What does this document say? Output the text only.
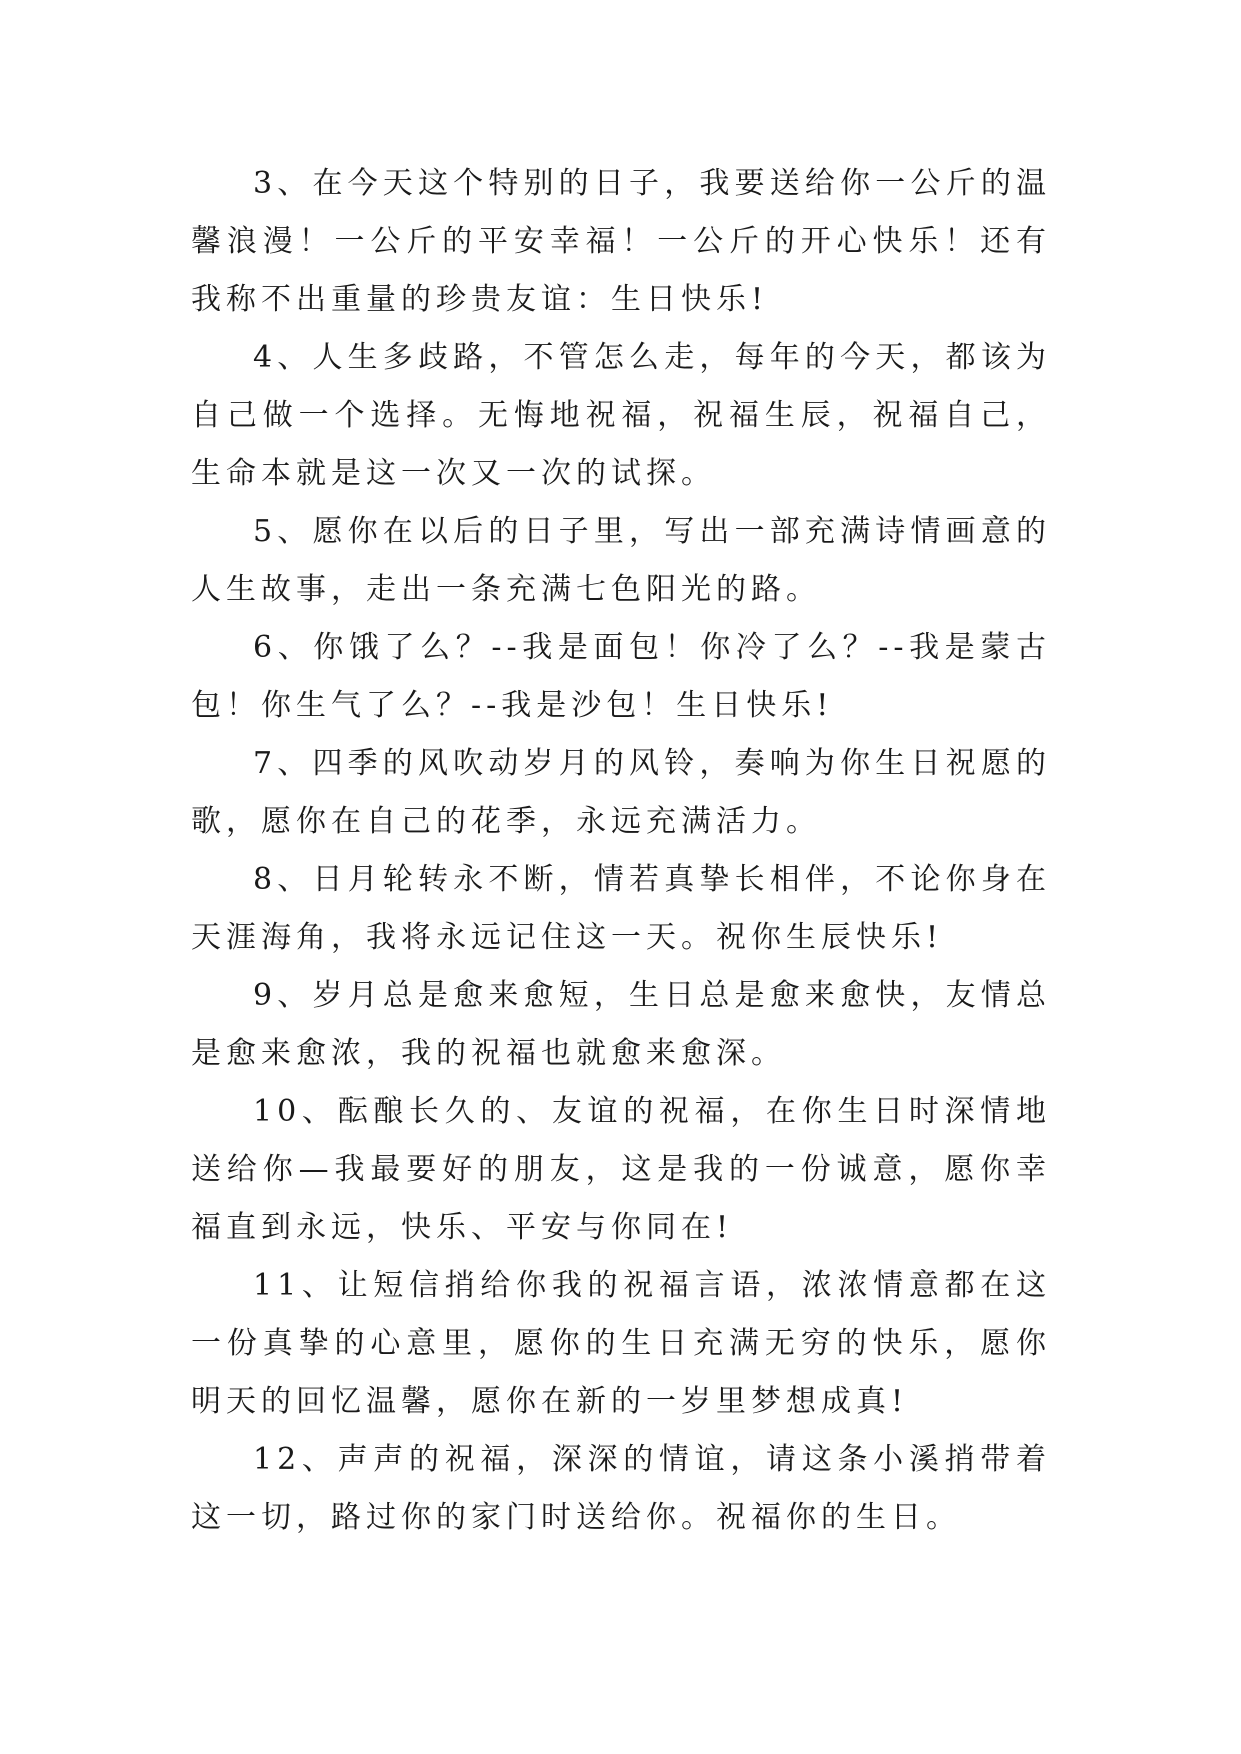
3、在今天这个特别的日子，我要送给你一公斤的温馨浪漫！一公斤的平安幸福！一公斤的开心快乐！还有我称不出重量的珍贵友谊：生日快乐!

4、人生多歧路，不管怎么走，每年的今天，都该为自己做一个选择。无悔地祝福，祝福生辰，祝福自己，生命本就是这一次又一次的试探。

5、愿你在以后的日子里，写出一部充满诗情画意的人生故事，走出一条充满七色阳光的路。

6、你饿了么？--我是面包！你冷了么？--我是蒙古包！你生气了么？--我是沙包！生日快乐!

7、四季的风吹动岁月的风铃，奏响为你生日祝愿的歌，愿你在自己的花季，永远充满活力。

8、日月轮转永不断，情若真挚长相伴，不论你身在天涯海角，我将永远记住这一天。祝你生辰快乐!

9、岁月总是愈来愈短，生日总是愈来愈快，友情总是愈来愈浓，我的祝福也就愈来愈深。

10、酝酿长久的、友谊的祝福，在你生日时深情地送给你—我最要好的朋友，这是我的一份诚意，愿你幸福直到永远，快乐、平安与你同在!

11、让短信捎给你我的祝福言语，浓浓情意都在这一份真挚的心意里，愿你的生日充满无穷的快乐，愿你明天的回忆温馨，愿你在新的一岁里梦想成真!

12、声声的祝福，深深的情谊，请这条小溪捎带着这一切，路过你的家门时送给你。祝福你的生日。
